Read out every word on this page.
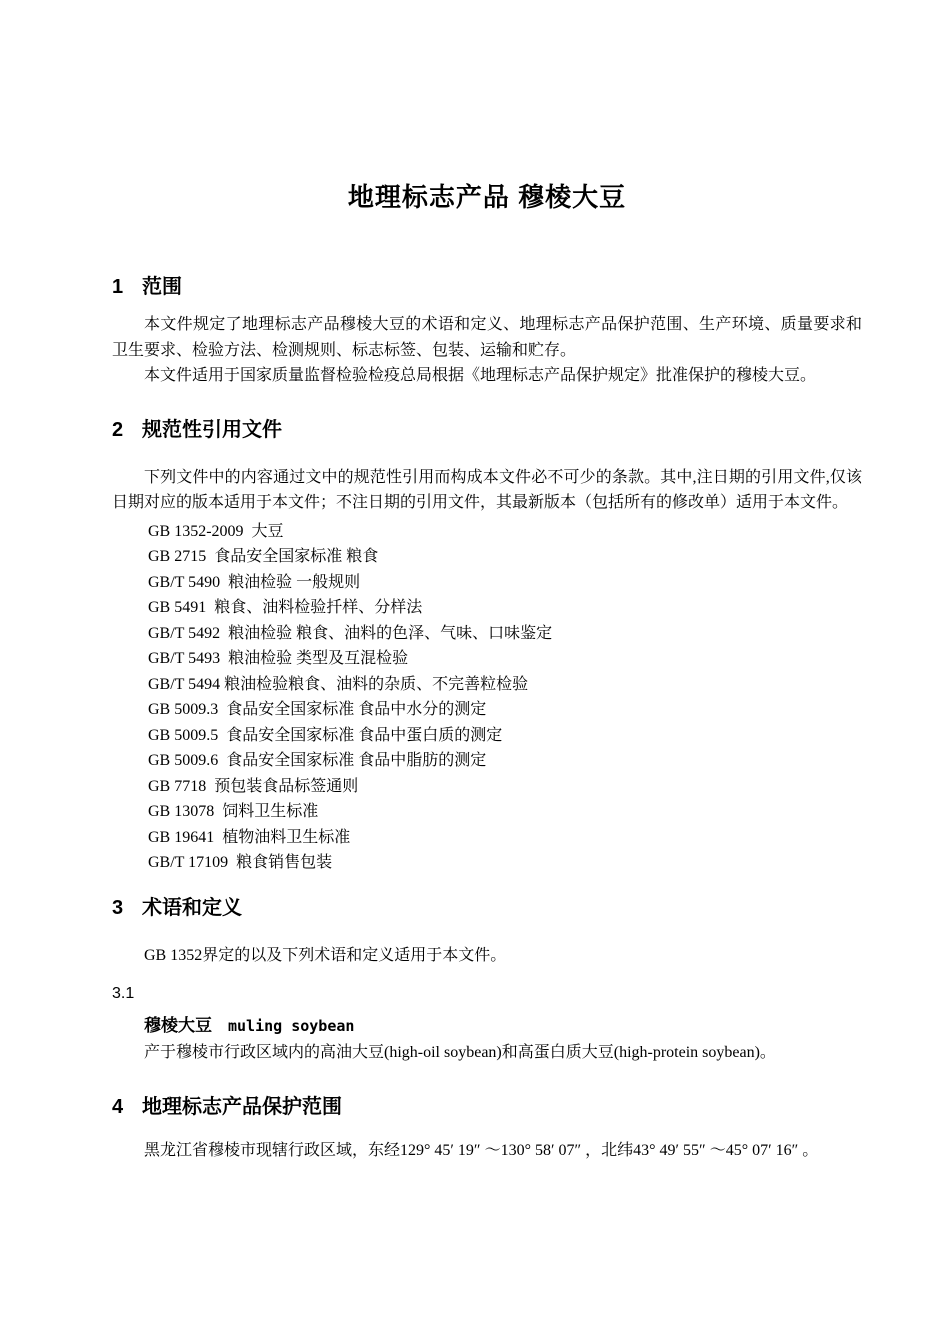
地理标志产品 穆棱大豆
1 范围

本文件规定了地理标志产品穆棱大豆的术语和定义、地理标志产品保护范围、生产环境、质量要求和卫生要求、检验方法、检测规则、标志标签、包装、运输和贮存。

本文件适用于国家质量监督检验检疫总局根据《地理标志产品保护规定》批准保护的穆棱大豆。

2 规范性引用文件

下列文件中的内容通过文中的规范性引用而构成本文件必不可少的条款。其中,注日期的引用文件,仅该日期对应的版本适用于本文件；不注日期的引用文件，其最新版本（包括所有的修改单）适用于本文件。

GB 1352-2009  大豆
GB 2715  食品安全国家标准 粮食
GB/T 5490  粮油检验 一般规则
GB 5491  粮食、油料检验扦样、分样法
GB/T 5492  粮油检验 粮食、油料的色泽、气味、口味鉴定
GB/T 5493  粮油检验 类型及互混检验
GB/T 5494 粮油检验粮食、油料的杂质、不完善粒检验
GB 5009.3  食品安全国家标准 食品中水分的测定
GB 5009.5  食品安全国家标准 食品中蛋白质的测定
GB 5009.6  食品安全国家标准 食品中脂肪的测定
GB 7718  预包装食品标签通则
GB 13078  饲料卫生标准
GB 19641  植物油料卫生标准
GB/T 17109  粮食销售包装
3 术语和定义

GB 1352界定的以及下列术语和定义适用于本文件。

3.1
穆棱大豆 muling soybean

产于穆棱市行政区域内的高油大豆(high-oil soybean)和高蛋白质大豆(high-protein soybean)。

4 地理标志产品保护范围

黑龙江省穆棱市现辖行政区域，东经129° 45′ 19″ ～130° 58′ 07″ ，北纬43° 49′ 55″ ～45° 07′ 16″ 。
